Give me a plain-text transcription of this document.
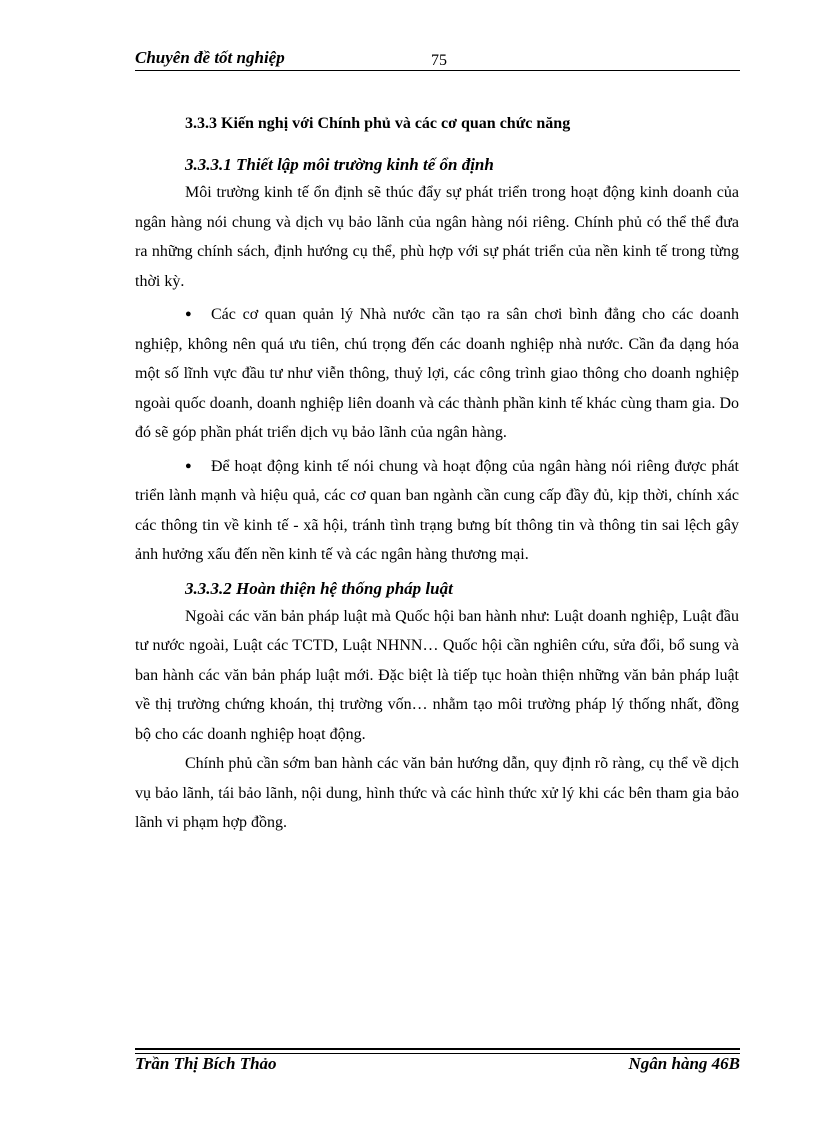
Chuyên đề tốt nghiệp	75
3.3.3 Kiến nghị với Chính phủ và các cơ quan chức năng
3.3.3.1 Thiết lập môi trường kinh tế ổn định

Môi trường kinh tế ổn định sẽ thúc đẩy sự phát triển trong hoạt động kinh doanh của ngân hàng nói chung và dịch vụ bảo lãnh của ngân hàng nói riêng. Chính phủ có thể thể đưa ra những chính sách, định hướng cụ thể, phù hợp với sự phát triển của nền kinh tế trong từng thời kỳ.

● Các cơ quan quản lý Nhà nước cần tạo ra sân chơi bình đẳng cho các doanh nghiệp, không nên quá ưu tiên, chú trọng đến các doanh nghiệp nhà nước. Cần đa dạng hóa một số lĩnh vực đầu tư như viễn thông, thuỷ lợi, các công trình giao thông cho doanh nghiệp ngoài quốc doanh, doanh nghiệp liên doanh và các thành phần kinh tế khác cùng tham gia. Do đó sẽ góp phần phát triển dịch vụ bảo lãnh của ngân hàng.
● Để hoạt động kinh tế nói chung và hoạt động của ngân hàng nói riêng được phát triển lành mạnh và hiệu quả, các cơ quan ban ngành cần cung cấp đầy đủ, kịp thời, chính xác các thông tin về kinh tế - xã hội, tránh tình trạng bưng bít thông tin và thông tin sai lệch gây ảnh hưởng xấu đến nền kinh tế và các ngân hàng thương mại.
3.3.3.2 Hoàn thiện hệ thống pháp luật

Ngoài các văn bản pháp luật mà Quốc hội ban hành như: Luật doanh nghiệp, Luật đầu tư nước ngoài, Luật các TCTD, Luật NHNN… Quốc hội cần nghiên cứu, sửa đổi, bổ sung và ban hành các văn bản pháp luật mới. Đặc biệt là tiếp tục hoàn thiện những văn bản pháp luật về thị trường chứng khoán, thị trường vốn… nhằm tạo môi trường pháp lý thống nhất, đồng bộ cho các doanh nghiệp hoạt động.

Chính phủ cần sớm ban hành các văn bản hướng dẫn, quy định rõ ràng, cụ thể về dịch vụ bảo lãnh, tái bảo lãnh, nội dung, hình thức và các hình thức xử lý khi các bên tham gia bảo lãnh vi phạm hợp đồng.

Trần Thị Bích Thảo	Ngân hàng 46B
